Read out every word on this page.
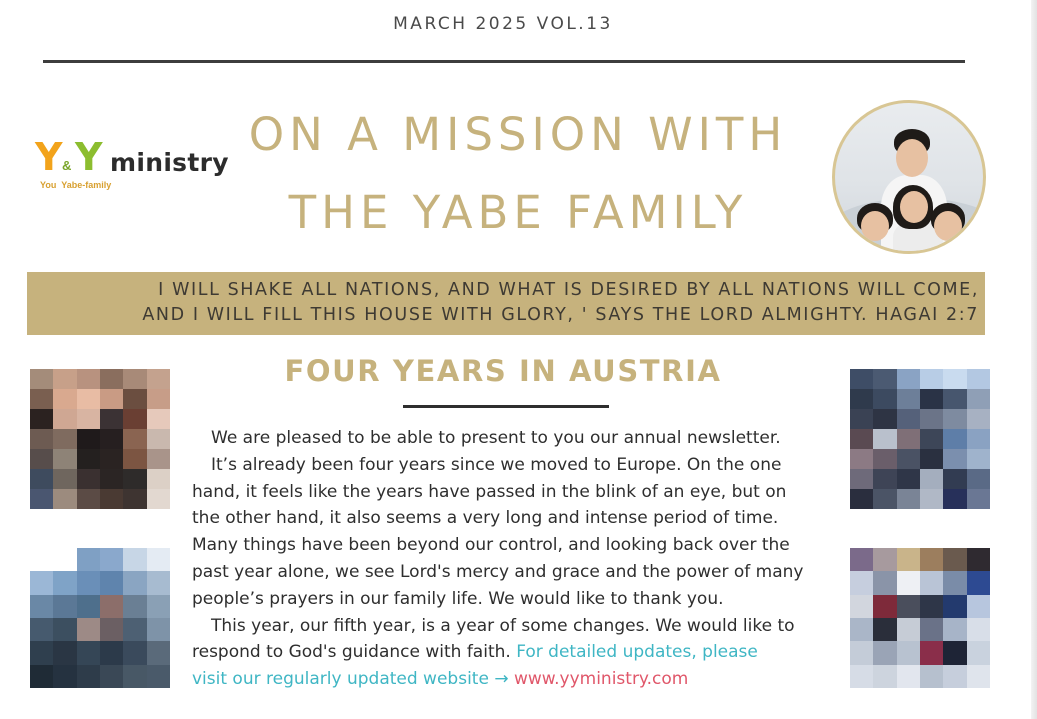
MARCH 2025 VOL.13
Y & Y ministry
You Yabe-family
ON A MISSION WITH
THE YABE FAMILY
I WILL SHAKE ALL NATIONS, AND WHAT IS DESIRED BY ALL NATIONS WILL COME,
AND I WILL FILL THIS HOUSE WITH GLORY, ' SAYS THE LORD ALMIGHTY. HAGAI 2:7
FOUR YEARS IN AUSTRIA
We are pleased to be able to present to you our annual newsletter.
It’s already been four years since we moved to Europe. On the one
hand, it feels like the years have passed in the blink of an eye, but on
the other hand, it also seems a very long and intense period of time.
Many things have been beyond our control, and looking back over the
past year alone, we see Lord's mercy and grace and the power of many
people’s prayers in our family life. We would like to thank you.
This year, our fifth year, is a year of some changes. We would like to
respond to God's guidance with faith. For detailed updates, please
visit our regularly updated website → www.yyministry.com
